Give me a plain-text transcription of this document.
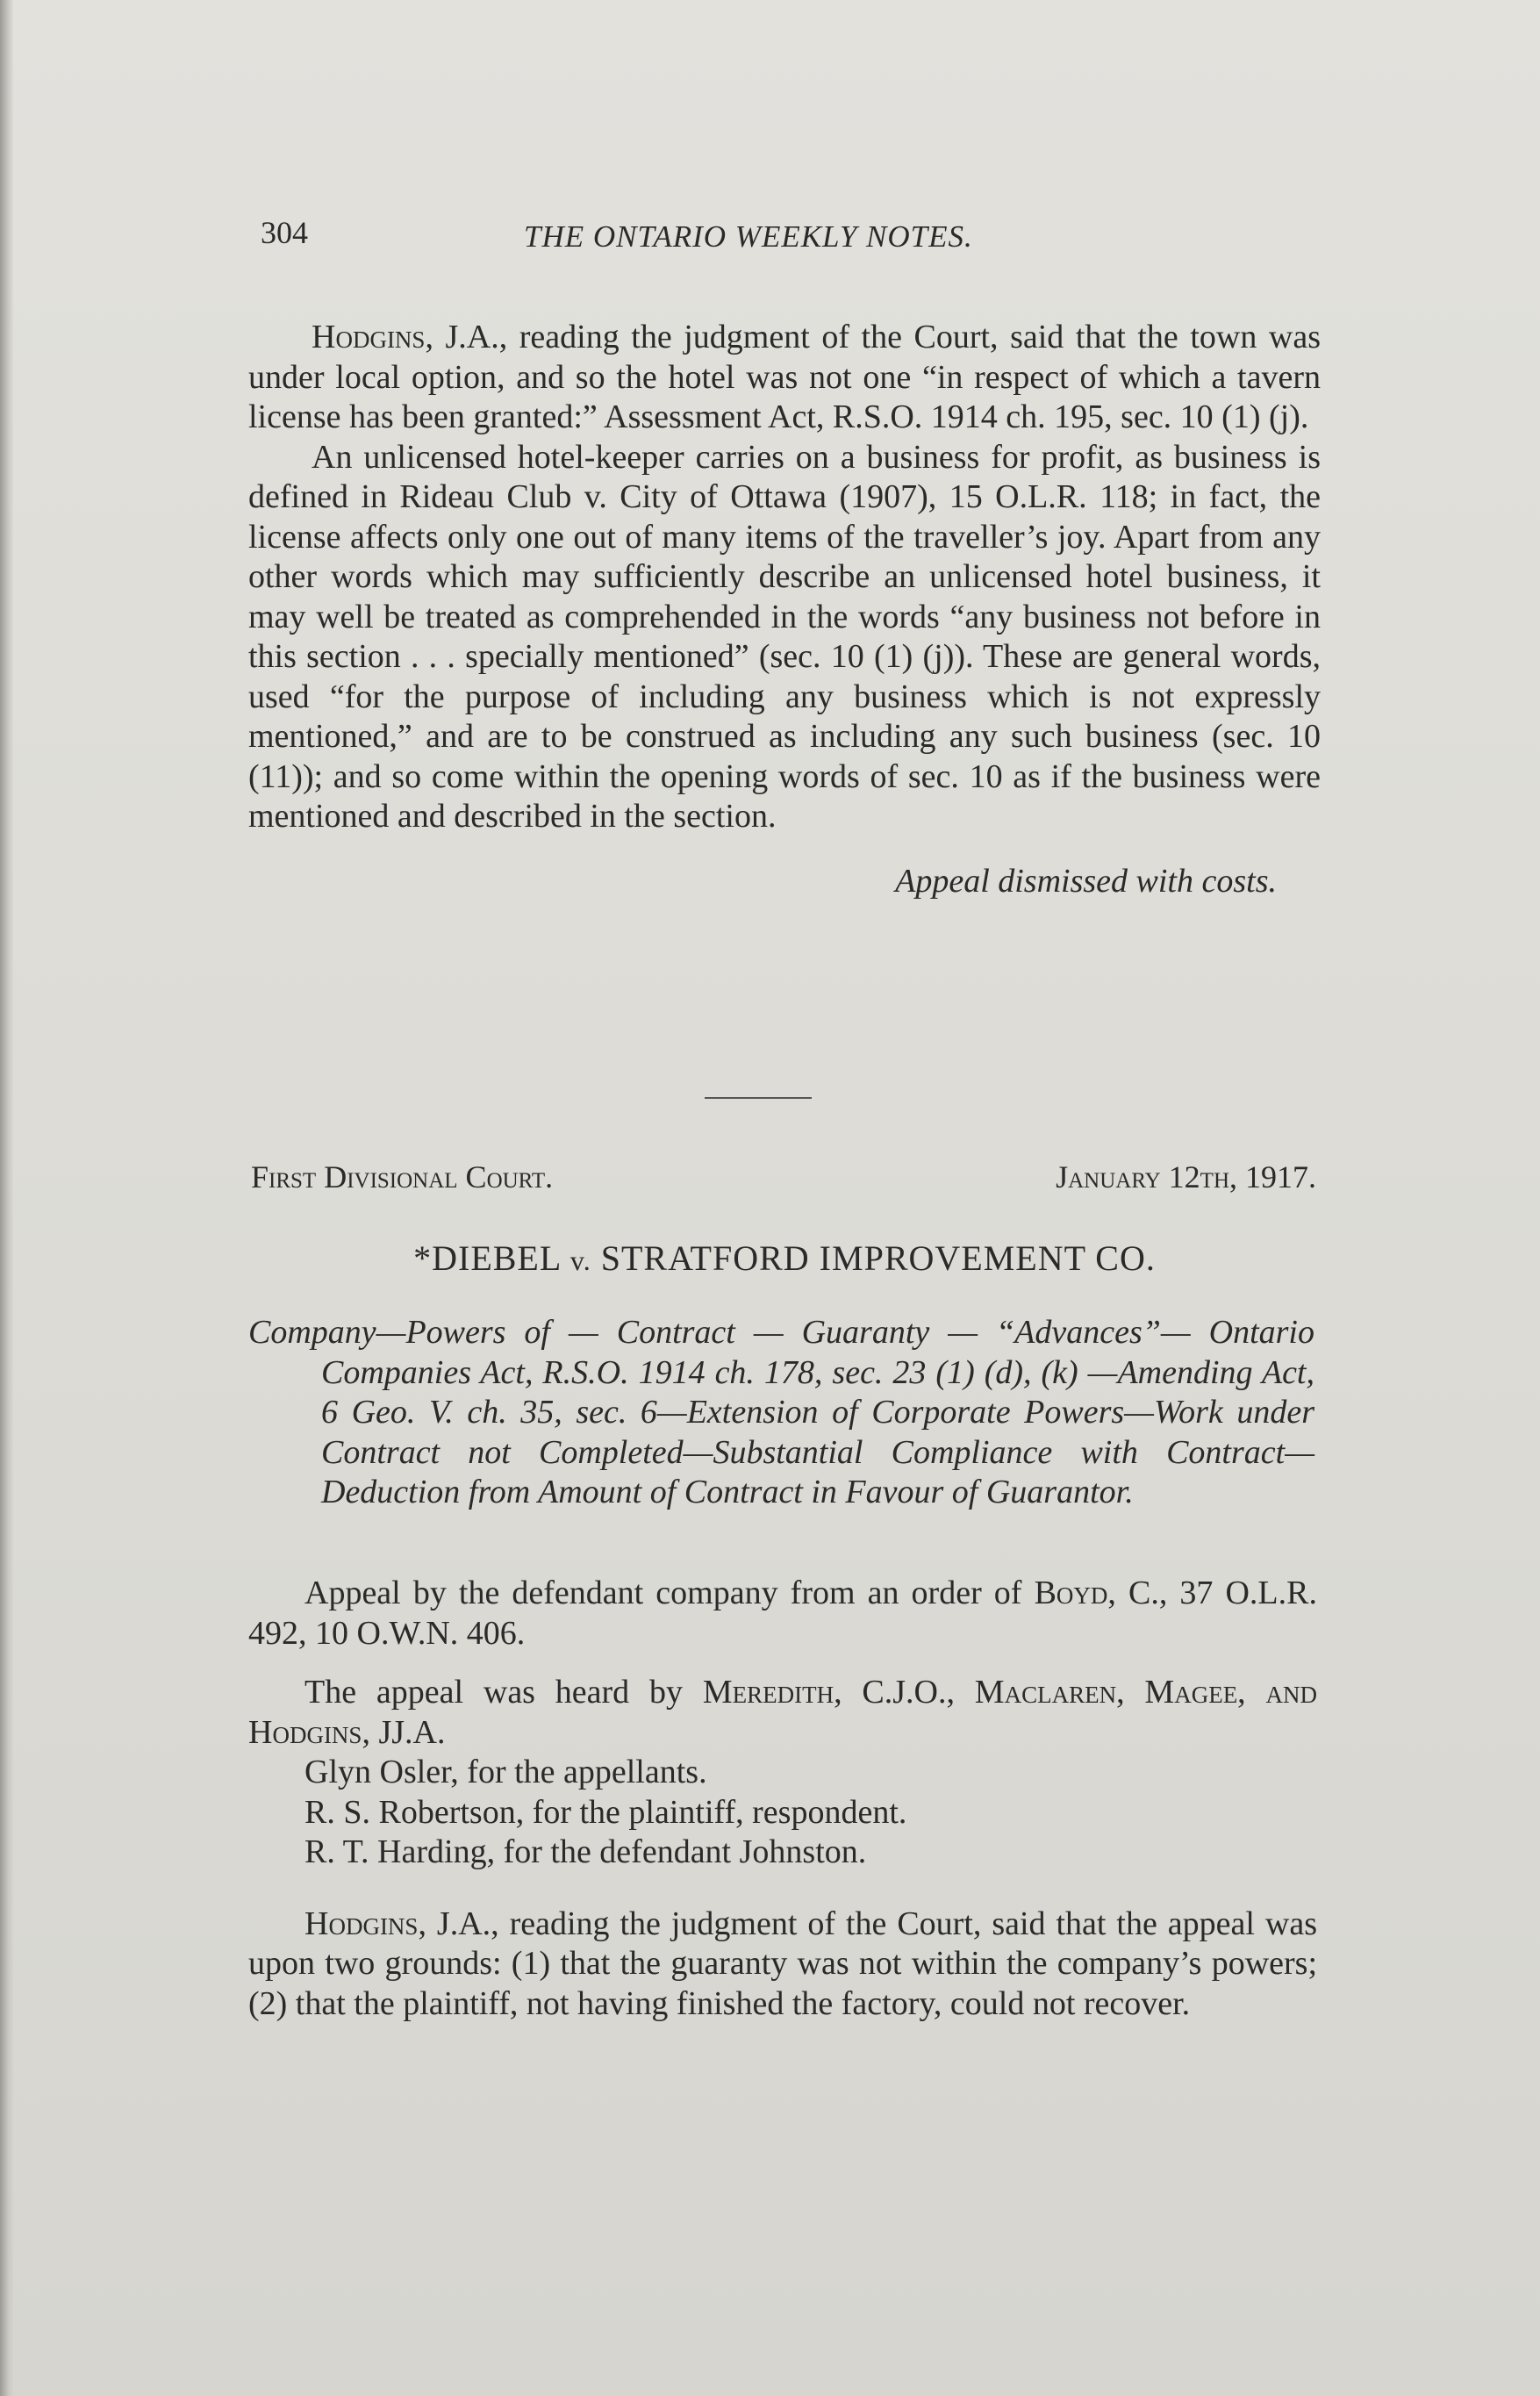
304	THE ONTARIO WEEKLY NOTES.

Hodgins, J.A., reading the judgment of the Court, said that the town was under local option, and so the hotel was not one “in respect of which a tavern license has been granted:” Assessment Act, R.S.O. 1914 ch. 195, sec. 10 (1) (j).

An unlicensed hotel-keeper carries on a business for profit, as business is defined in Rideau Club v. City of Ottawa (1907), 15 O.L.R. 118; in fact, the license affects only one out of many items of the traveller’s joy. Apart from any other words which may sufficiently describe an unlicensed hotel business, it may well be treated as comprehended in the words “any business not before in this section . . . specially mentioned” (sec. 10 (1) (j)). These are general words, used “for the purpose of including any business which is not expressly mentioned,” and are to be construed as including any such business (sec. 10 (11)); and so come within the opening words of sec. 10 as if the business were mentioned and described in the section.

Appeal dismissed with costs.
First Divisional Court.	January 12th, 1917.
*DIEBEL v. STRATFORD IMPROVEMENT CO.
Company—Powers of — Contract — Guaranty — “Advances”— Ontario Companies Act, R.S.O. 1914 ch. 178, sec. 23 (1) (d), (k) —Amending Act, 6 Geo. V. ch. 35, sec. 6—Extension of Corporate Powers—Work under Contract not Completed—Substantial Compliance with Contract—Deduction from Amount of Contract in Favour of Guarantor.

Appeal by the defendant company from an order of Boyd, C., 37 O.L.R. 492, 10 O.W.N. 406.

The appeal was heard by Meredith, C.J.O., Maclaren, Magee, and Hodgins, JJ.A.

Glyn Osler, for the appellants.

R. S. Robertson, for the plaintiff, respondent.

R. T. Harding, for the defendant Johnston.

Hodgins, J.A., reading the judgment of the Court, said that the appeal was upon two grounds: (1) that the guaranty was not within the company’s powers; (2) that the plaintiff, not having finished the factory, could not recover.
